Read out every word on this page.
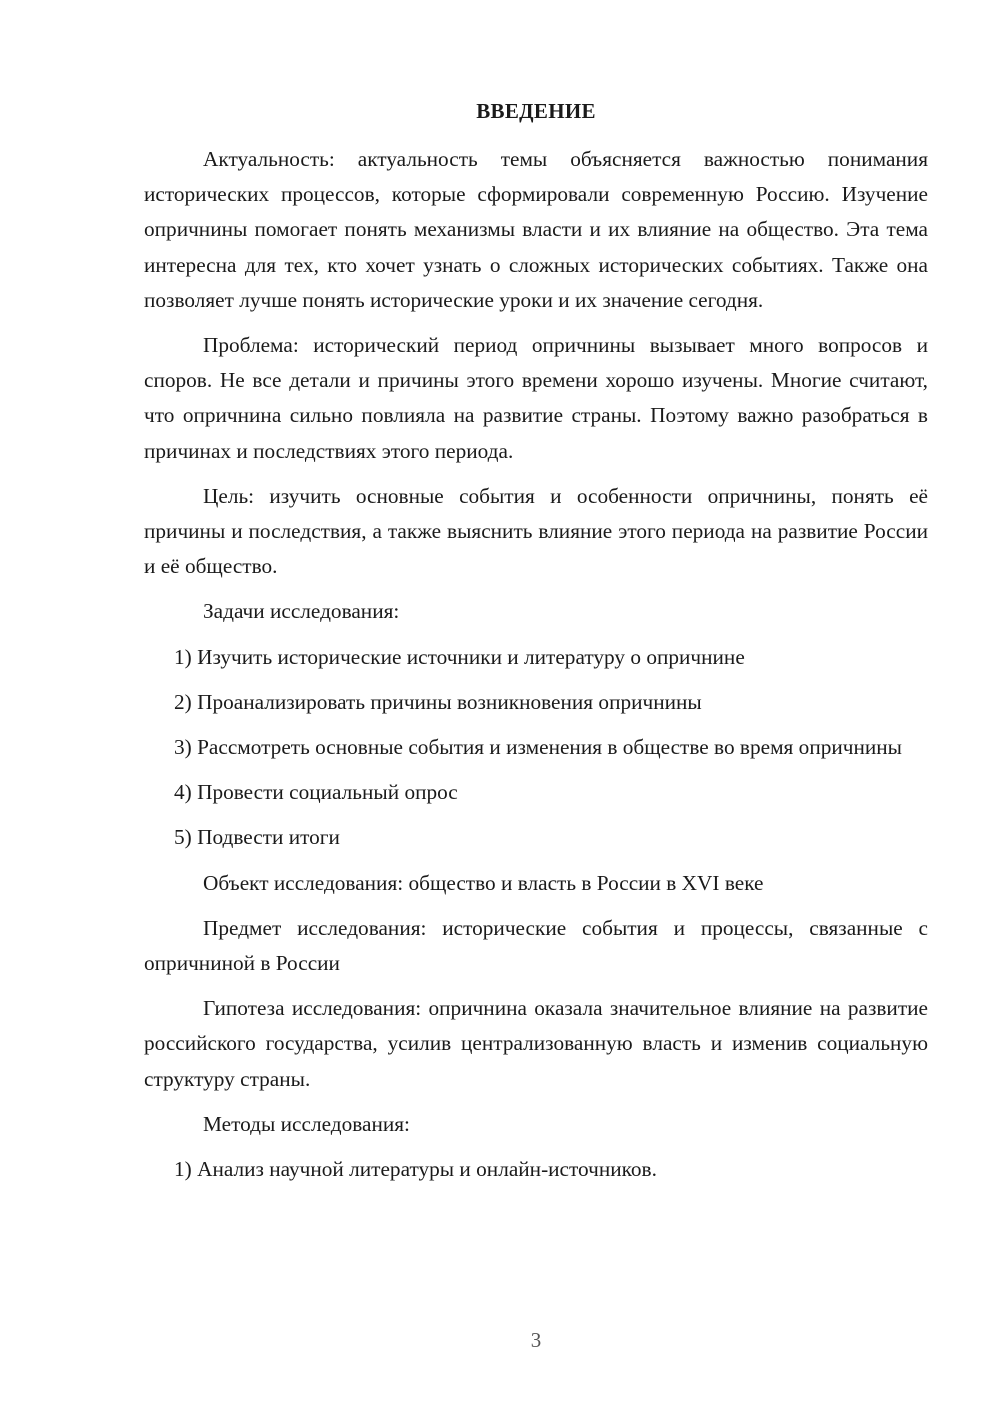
ВВЕДЕНИЕ

Актуальность: актуальность темы объясняется важностью понимания исторических процессов, которые сформировали современную Россию. Изучение опричнины помогает понять механизмы власти и их влияние на общество. Эта тема интересна для тех, кто хочет узнать о сложных исторических событиях. Также она позволяет лучше понять исторические уроки и их значение сегодня.

Проблема: исторический период опричнины вызывает много вопросов и споров. Не все детали и причины этого времени хорошо изучены. Многие считают, что опричнина сильно повлияла на развитие страны. Поэтому важно разобраться в причинах и последствиях этого периода.

Цель: изучить основные события и особенности опричнины, понять её причины и последствия, а также выяснить влияние этого периода на развитие России и её общество.

Задачи исследования:

1) Изучить исторические источники и литературу о опричнине

2) Проанализировать причины возникновения опричнины

3) Рассмотреть основные события и изменения в обществе во время опричнины

4) Провести социальный опрос

5) Подвести итоги

Объект исследования: общество и власть в России в XVI веке

Предмет исследования: исторические события и процессы, связанные с опричниной в России

Гипотеза исследования: опричнина оказала значительное влияние на развитие российского государства, усилив централизованную власть и изменив социальную структуру страны.

Методы исследования:

1) Анализ научной литературы и онлайн-источников.

3
